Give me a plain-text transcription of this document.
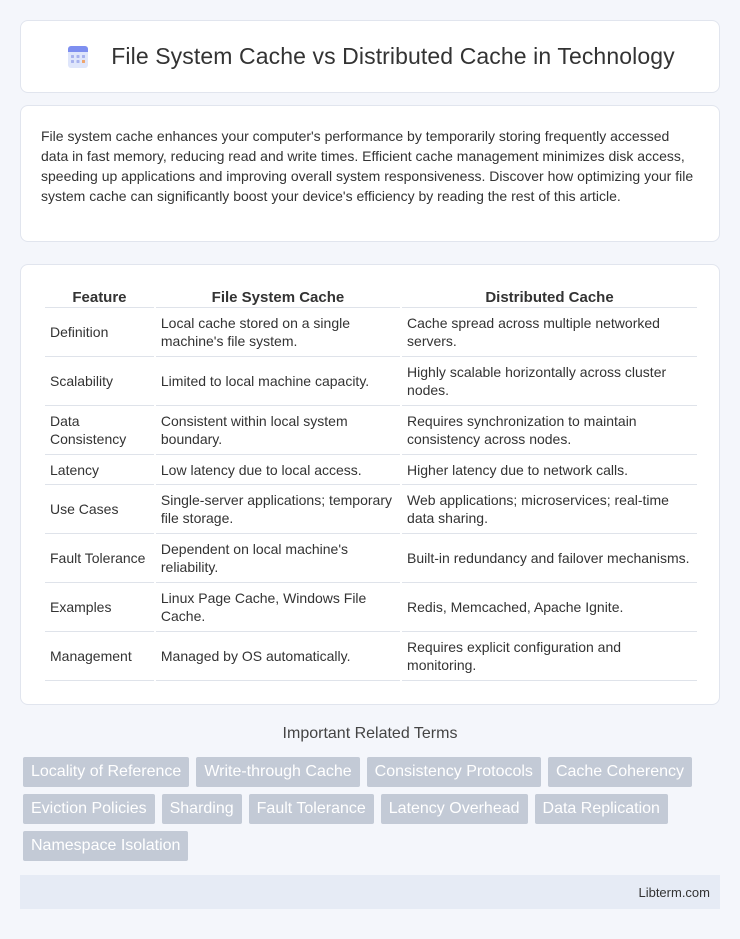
File System Cache vs Distributed Cache in Technology

File system cache enhances your computer's performance by temporarily storing frequently accessed data in fast memory, reducing read and write times. Efficient cache management minimizes disk access, speeding up applications and improving overall system responsiveness. Discover how optimizing your file system cache can significantly boost your device's efficiency by reading the rest of this article.

Feature	File System Cache	Distributed Cache
Definition	Local cache stored on a single machine's file system.	Cache spread across multiple networked servers.
Scalability	Limited to local machine capacity.	Highly scalable horizontally across cluster nodes.
Data Consistency	Consistent within local system boundary.	Requires synchronization to maintain consistency across nodes.
Latency	Low latency due to local access.	Higher latency due to network calls.
Use Cases	Single-server applications; temporary file storage.	Web applications; microservices; real-time data sharing.
Fault Tolerance	Dependent on local machine's reliability.	Built-in redundancy and failover mechanisms.
Examples	Linux Page Cache, Windows File Cache.	Redis, Memcached, Apache Ignite.
Management	Managed by OS automatically.	Requires explicit configuration and monitoring.
Important Related Terms
Locality of Reference	Write-through Cache	Consistency Protocols	Cache Coherency
Eviction Policies	Sharding	Fault Tolerance	Latency Overhead	Data Replication
Namespace Isolation
Libterm.com
